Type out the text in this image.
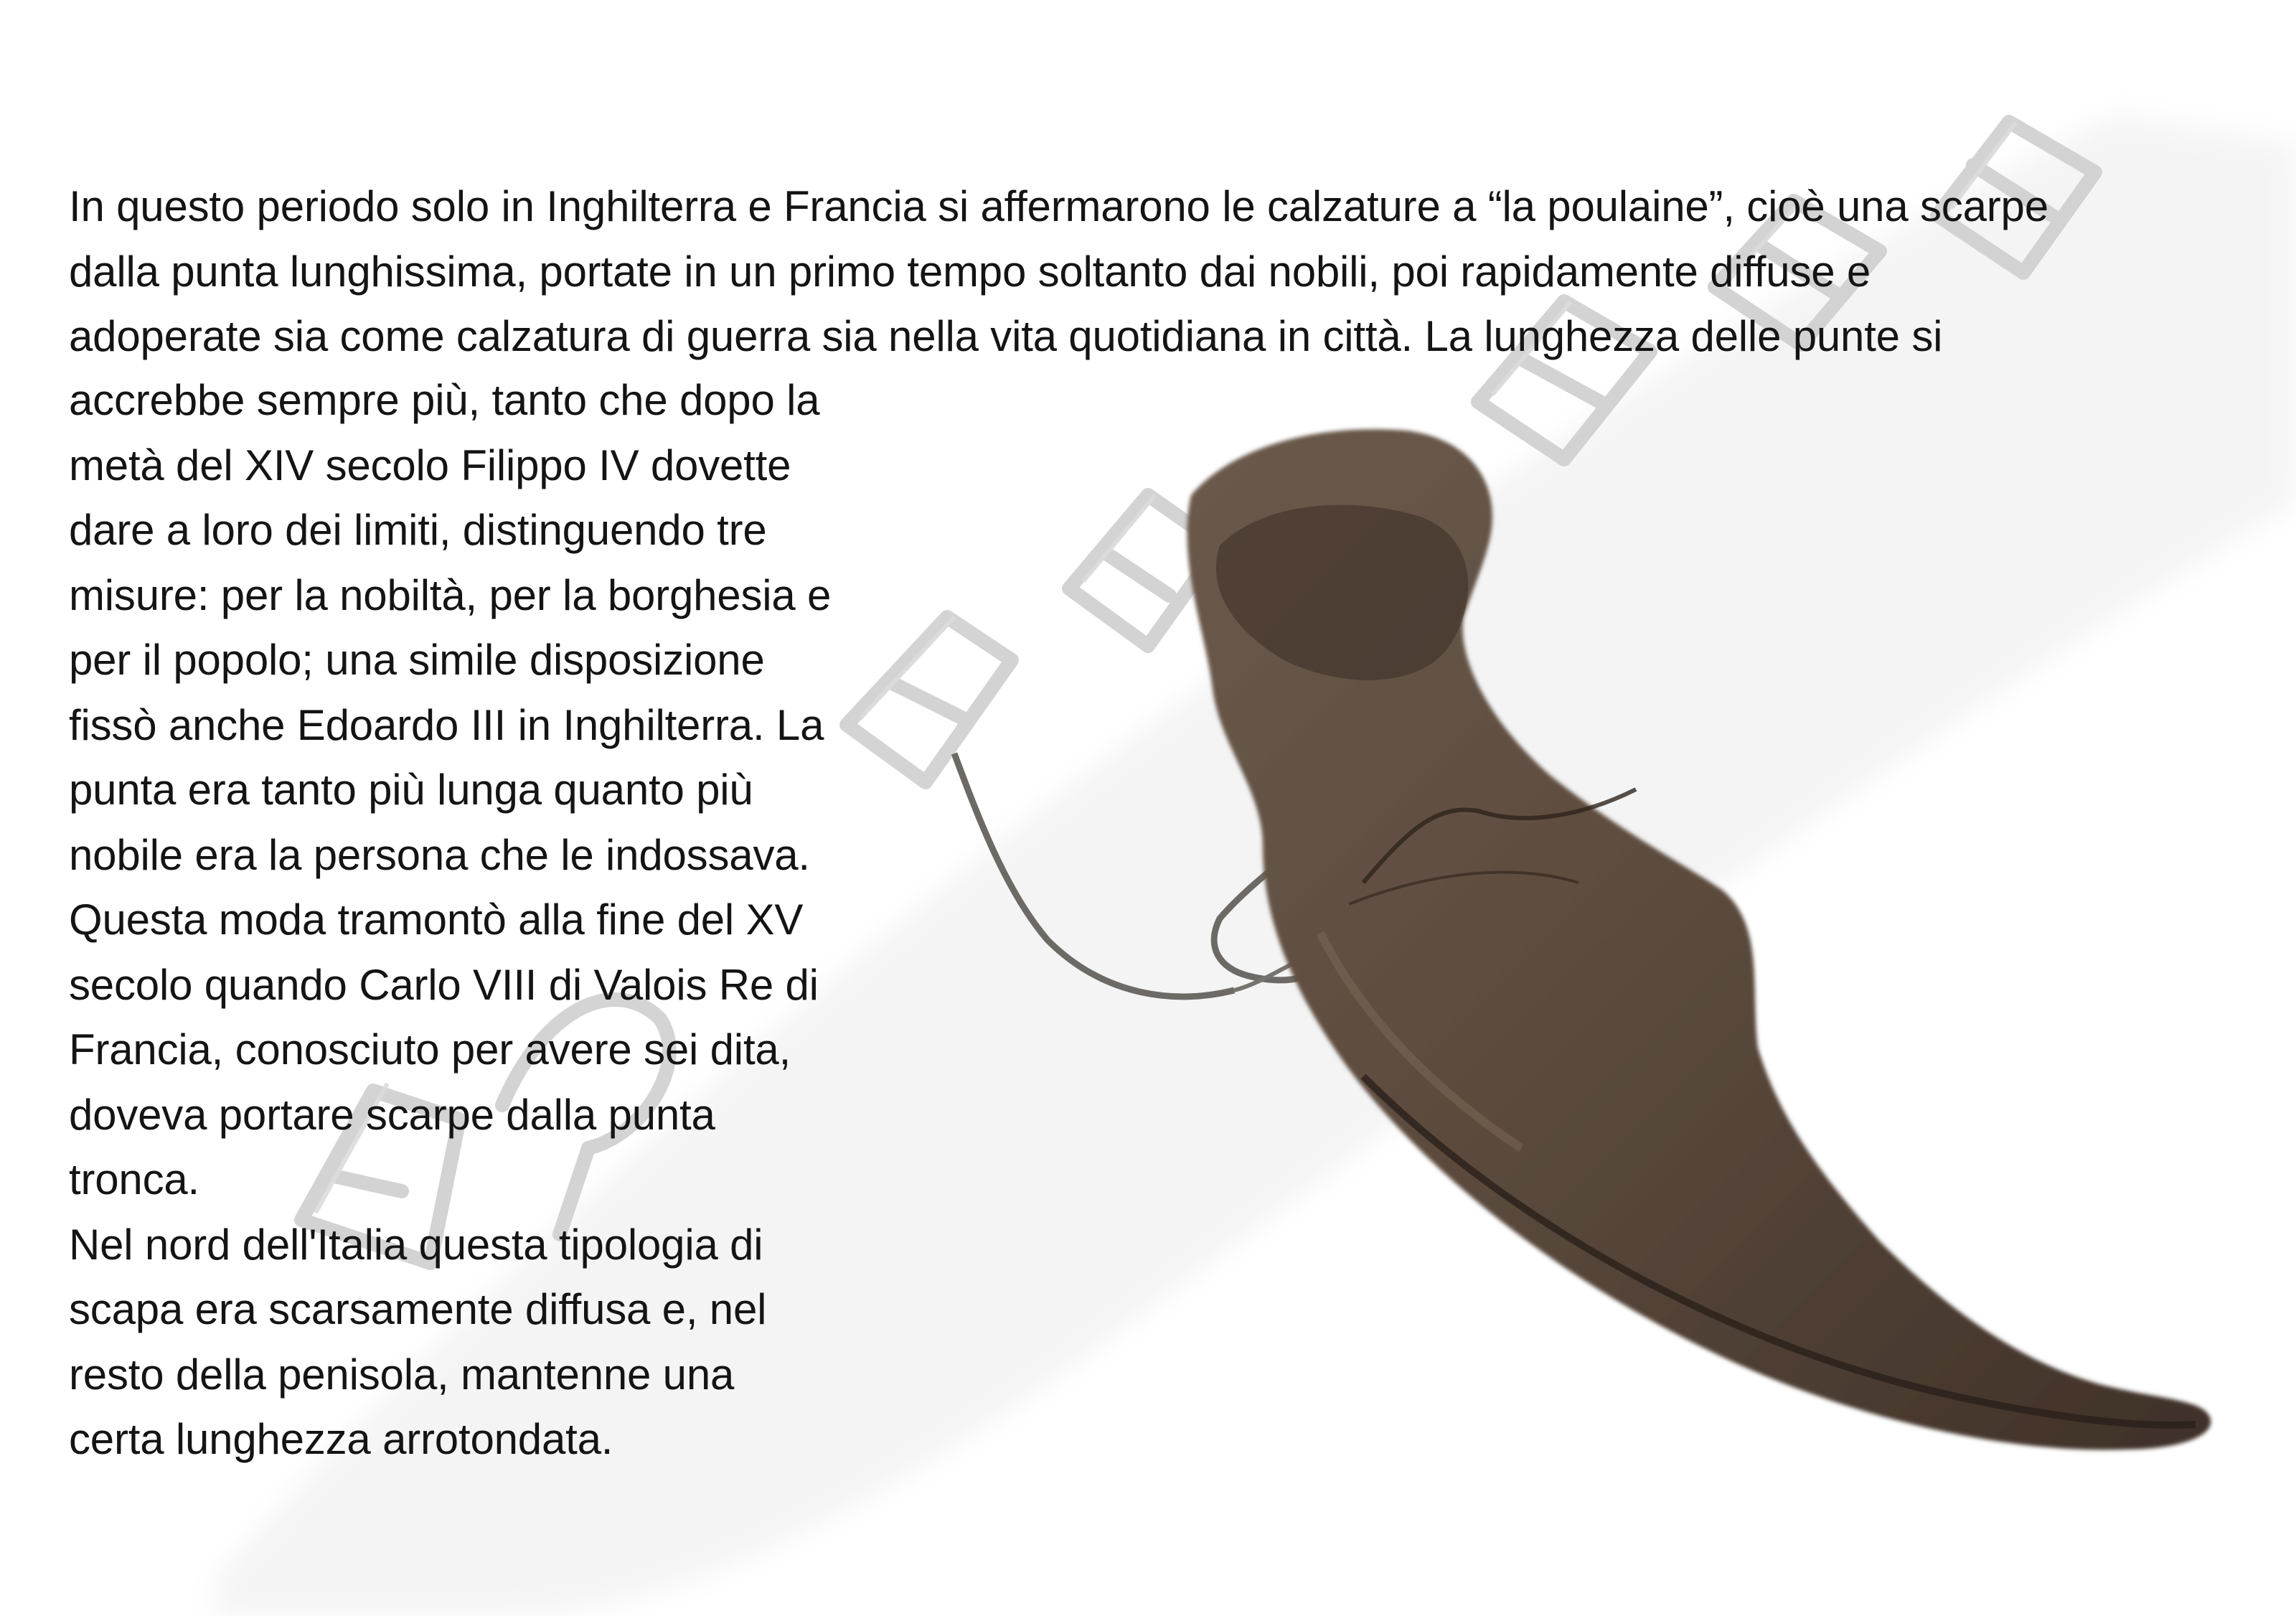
In questo periodo solo in Inghilterra e Francia si affermarono le calzature a “la poulaine”, cioè una scarpe
dalla punta lunghissima, portate in un primo tempo soltanto dai nobili, poi rapidamente diffuse e
adoperate sia come calzatura di guerra sia nella vita quotidiana in città. La lunghezza delle punte si

accrebbe sempre più, tanto che dopo la
metà del XIV secolo Filippo IV dovette
dare a loro dei limiti, distinguendo tre
misure: per la nobiltà, per la borghesia e
per il popolo; una simile disposizione
fissò anche Edoardo III in Inghilterra. La
punta era tanto più lunga quanto più
nobile era la persona che le indossava.
Questa moda tramontò alla fine del XV
secolo quando Carlo VIII di Valois Re di
Francia, conosciuto per avere sei dita,
doveva portare scarpe dalla punta
tronca.
Nel nord dell'Italia questa tipologia di
scapa era scarsamente diffusa e, nel
resto della penisola, mantenne una
certa lunghezza arrotondata.
